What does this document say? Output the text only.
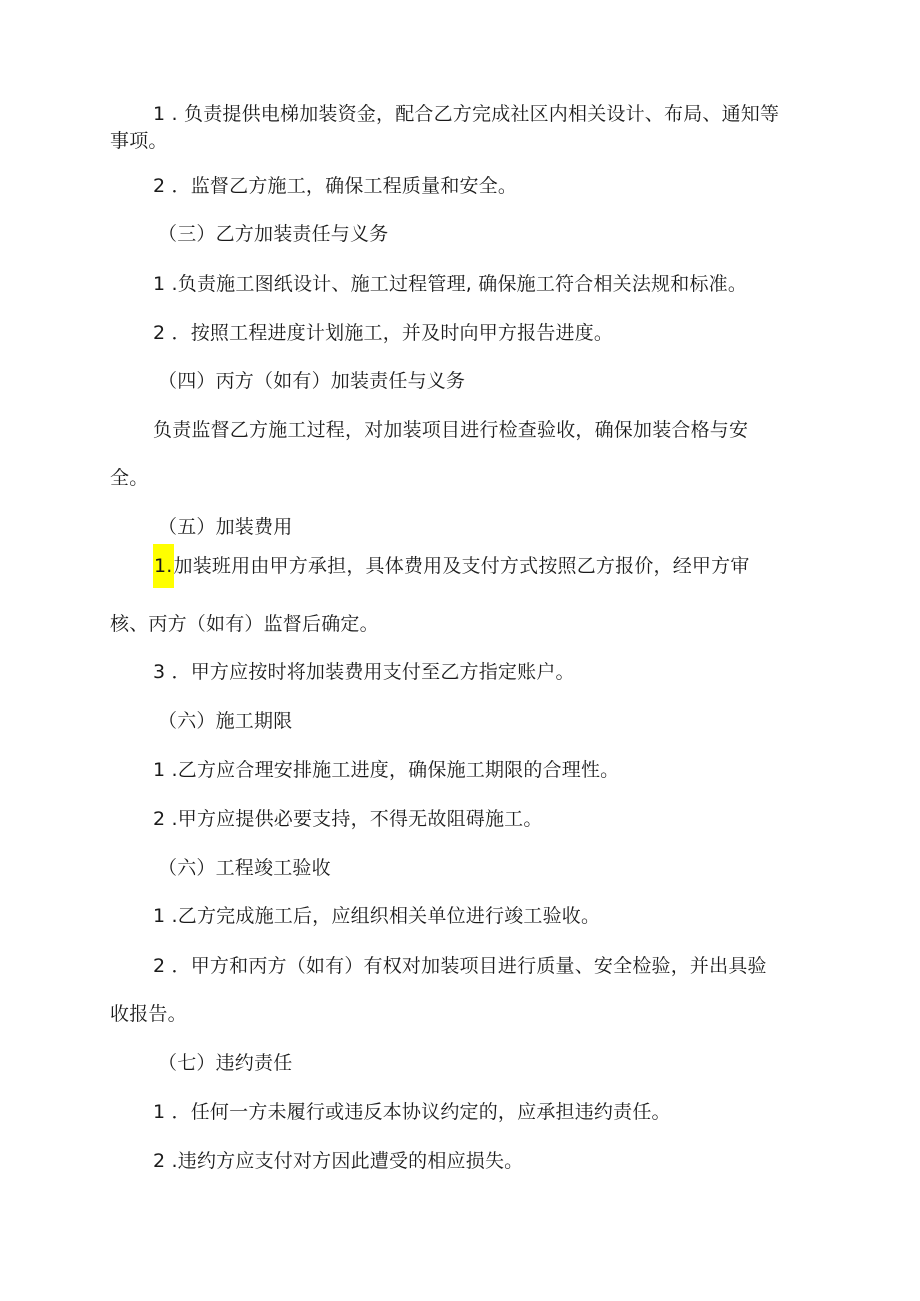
1 . 负责提供电梯加装资金，配合乙方完成社区内相关设计、布局、通知等
事项。
2 ．监督乙方施工，确保工程质量和安全。
（三）乙方加装责任与义务
1 .负责施工图纸设计、施工过程管理, 确保施工符合相关法规和标准。
2 ．按照工程进度计划施工，并及时向甲方报告进度。
（四）丙方（如有）加装责任与义务
负责监督乙方施工过程，对加装项目进行检查验收，确保加装合格与安
全。
（五）加装费用
1.加装班用由甲方承担，具体费用及支付方式按照乙方报价，经甲方审
核、丙方（如有）监督后确定。
3 ．甲方应按时将加装费用支付至乙方指定账户。
（六）施工期限
1 .乙方应合理安排施工进度，确保施工期限的合理性。
2 .甲方应提供必要支持，不得无故阻碍施工。
（六）工程竣工验收
1 .乙方完成施工后，应组织相关单位进行竣工验收。
2 ．甲方和丙方（如有）有权对加装项目进行质量、安全检验，并出具验
收报告。
（七）违约责任
1 ．任何一方未履行或违反本协议约定的，应承担违约责任。
2 .违约方应支付对方因此遭受的相应损失。
